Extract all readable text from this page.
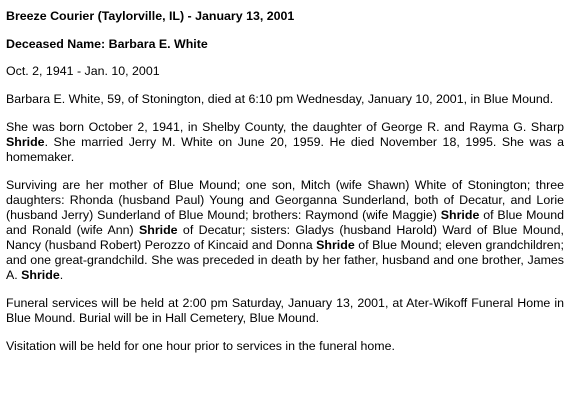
Breeze Courier (Taylorville, IL) - January 13, 2001
Deceased Name: Barbara E. White
Oct. 2, 1941 - Jan. 10, 2001

Barbara E. White, 59, of Stonington, died at 6:10 pm Wednesday, January 10, 2001, in Blue Mound.

She was born October 2, 1941, in Shelby County, the daughter of George R. and Rayma G. Sharp Shride. She married Jerry M. White on June 20, 1959. He died November 18, 1995. She was a homemaker.

Surviving are her mother of Blue Mound; one son, Mitch (wife Shawn) White of Stonington; three daughters: Rhonda (husband Paul) Young and Georganna Sunderland, both of Decatur, and Lorie (husband Jerry) Sunderland of Blue Mound; brothers: Raymond (wife Maggie) Shride of Blue Mound and Ronald (wife Ann) Shride of Decatur; sisters: Gladys (husband Harold) Ward of Blue Mound, Nancy (husband Robert) Perozzo of Kincaid and Donna Shride of Blue Mound; eleven grandchildren; and one great-grandchild. She was preceded in death by her father, husband and one brother, James A. Shride.

Funeral services will be held at 2:00 pm Saturday, January 13, 2001, at Ater-Wikoff Funeral Home in Blue Mound. Burial will be in Hall Cemetery, Blue Mound.

Visitation will be held for one hour prior to services in the funeral home.
